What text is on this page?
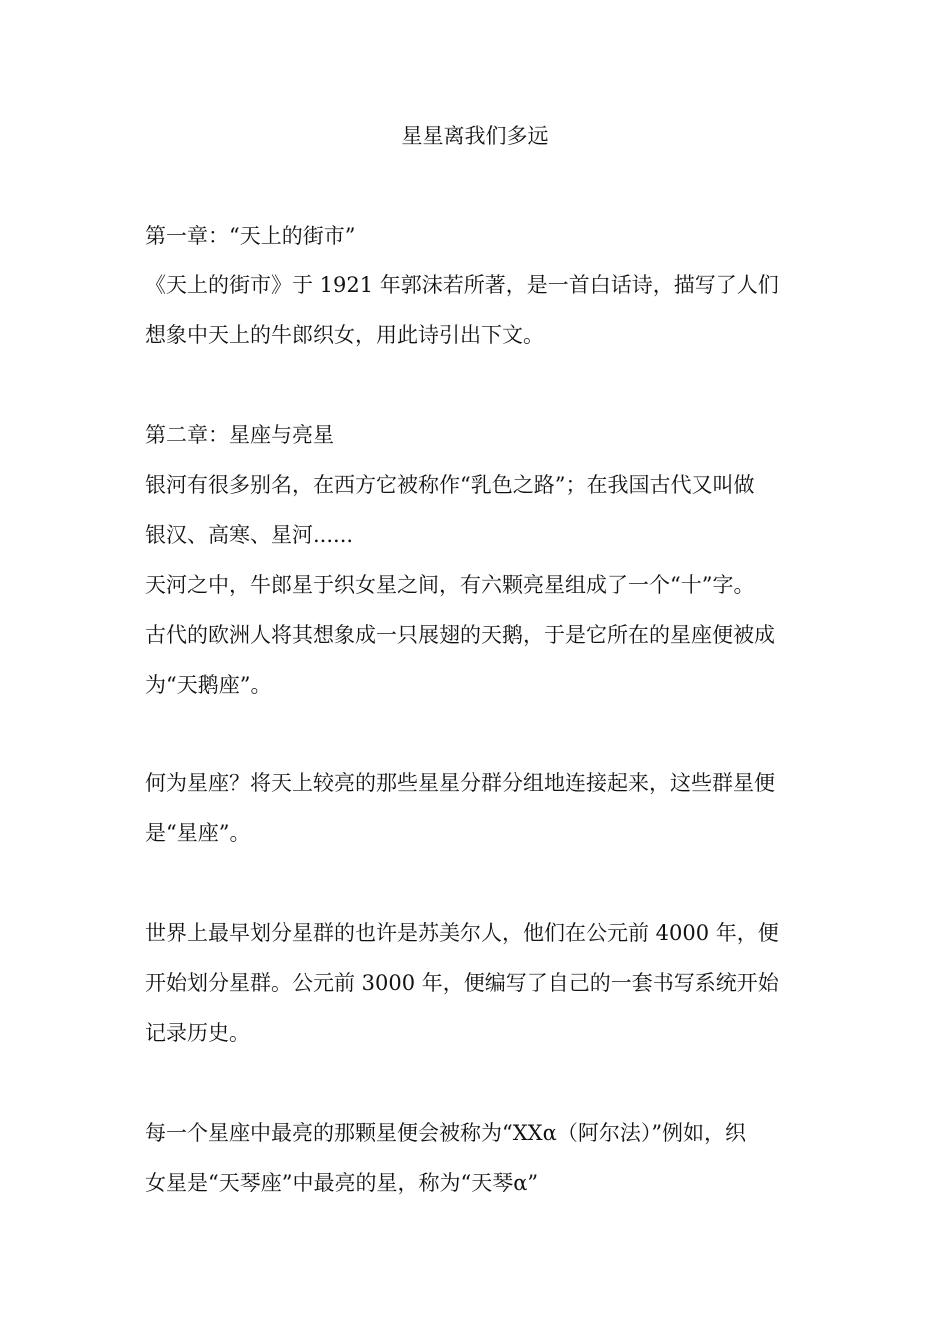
星星离我们多远
第一章：“天上的街市”
《天上的街市》于 1921 年郭沫若所著，是一首白话诗，描写了人们
想象中天上的牛郎织女，用此诗引出下文。
第二章：星座与亮星
银河有很多别名，在西方它被称作“乳色之路”；在我国古代又叫做
银汉、高寒、星河......
天河之中，牛郎星于织女星之间，有六颗亮星组成了一个“十”字。
古代的欧洲人将其想象成一只展翅的天鹅，于是它所在的星座便被成
为“天鹅座”。
何为星座？将天上较亮的那些星星分群分组地连接起来，这些群星便
是“星座”。
世界上最早划分星群的也许是苏美尔人，他们在公元前 4000 年，便
开始划分星群。公元前 3000 年，便编写了自己的一套书写系统开始
记录历史。
每一个星座中最亮的那颗星便会被称为“XXα（阿尔法）”例如，织
女星是“天琴座”中最亮的星，称为“天琴α”
